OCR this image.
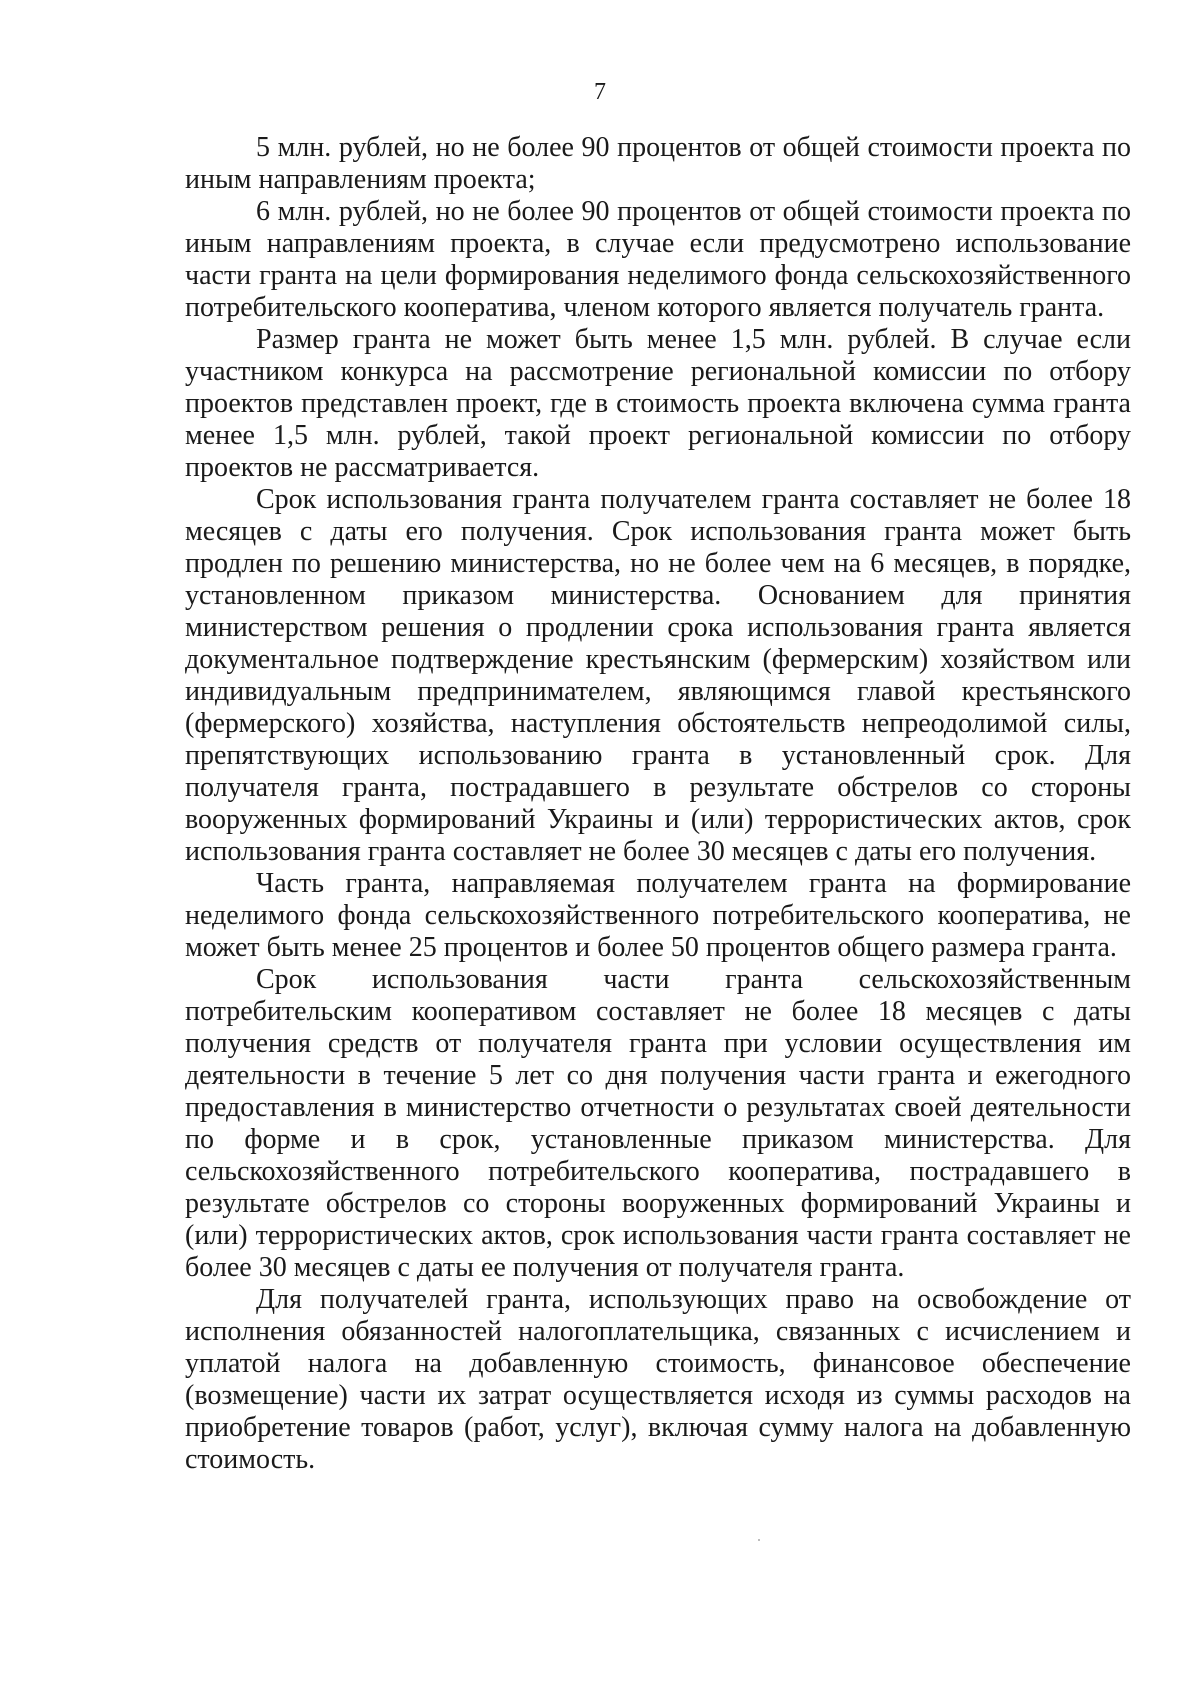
7

5 млн. рублей, но не более 90 процентов от общей стоимости проекта по иным направлениям проекта;

6 млн. рублей, но не более 90 процентов от общей стоимости проекта по иным направлениям проекта, в случае если предусмотрено использование части гранта на цели формирования неделимого фонда сельскохозяйственного потребительского кооператива, членом которого является получатель гранта.

Размер гранта не может быть менее 1,5 млн. рублей. В случае если участником конкурса на рассмотрение региональной комиссии по отбору проектов представлен проект, где в стоимость проекта включена сумма гранта менее 1,5 млн. рублей, такой проект региональной комиссии по отбору проектов не рассматривается.

Срок использования гранта получателем гранта составляет не более 18 месяцев с даты его получения. Срок использования гранта может быть продлен по решению министерства, но не более чем на 6 месяцев, в порядке, установленном приказом министерства. Основанием для принятия министерством решения о продлении срока использования гранта является документальное подтверждение крестьянским (фермерским) хозяйством или индивидуальным предпринимателем, являющимся главой крестьянского (фермерского) хозяйства, наступления обстоятельств непреодолимой силы, препятствующих использованию гранта в установленный срок. Для получателя гранта, пострадавшего в результате обстрелов со стороны вооруженных формирований Украины и (или) террористических актов, срок использования гранта составляет не более 30 месяцев с даты его получения.

Часть гранта, направляемая получателем гранта на формирование неделимого фонда сельскохозяйственного потребительского кооператива, не может быть менее 25 процентов и более 50 процентов общего размера гранта.

Срок использования части гранта сельскохозяйственным потребительским кооперативом составляет не более 18 месяцев с даты получения средств от получателя гранта при условии осуществления им деятельности в течение 5 лет со дня получения части гранта и ежегодного предоставления в министерство отчетности о результатах своей деятельности по форме и в срок, установленные приказом министерства. Для сельскохозяйственного потребительского кооператива, пострадавшего в результате обстрелов со стороны вооруженных формирований Украины и (или) террористических актов, срок использования части гранта составляет не более 30 месяцев с даты ее получения от получателя гранта.

Для получателей гранта, использующих право на освобождение от исполнения обязанностей налогоплательщика, связанных с исчислением и уплатой налога на добавленную стоимость, финансовое обеспечение (возмещение) части их затрат осуществляется исходя из суммы расходов на приобретение товаров (работ, услуг), включая сумму налога на добавленную стоимость.
